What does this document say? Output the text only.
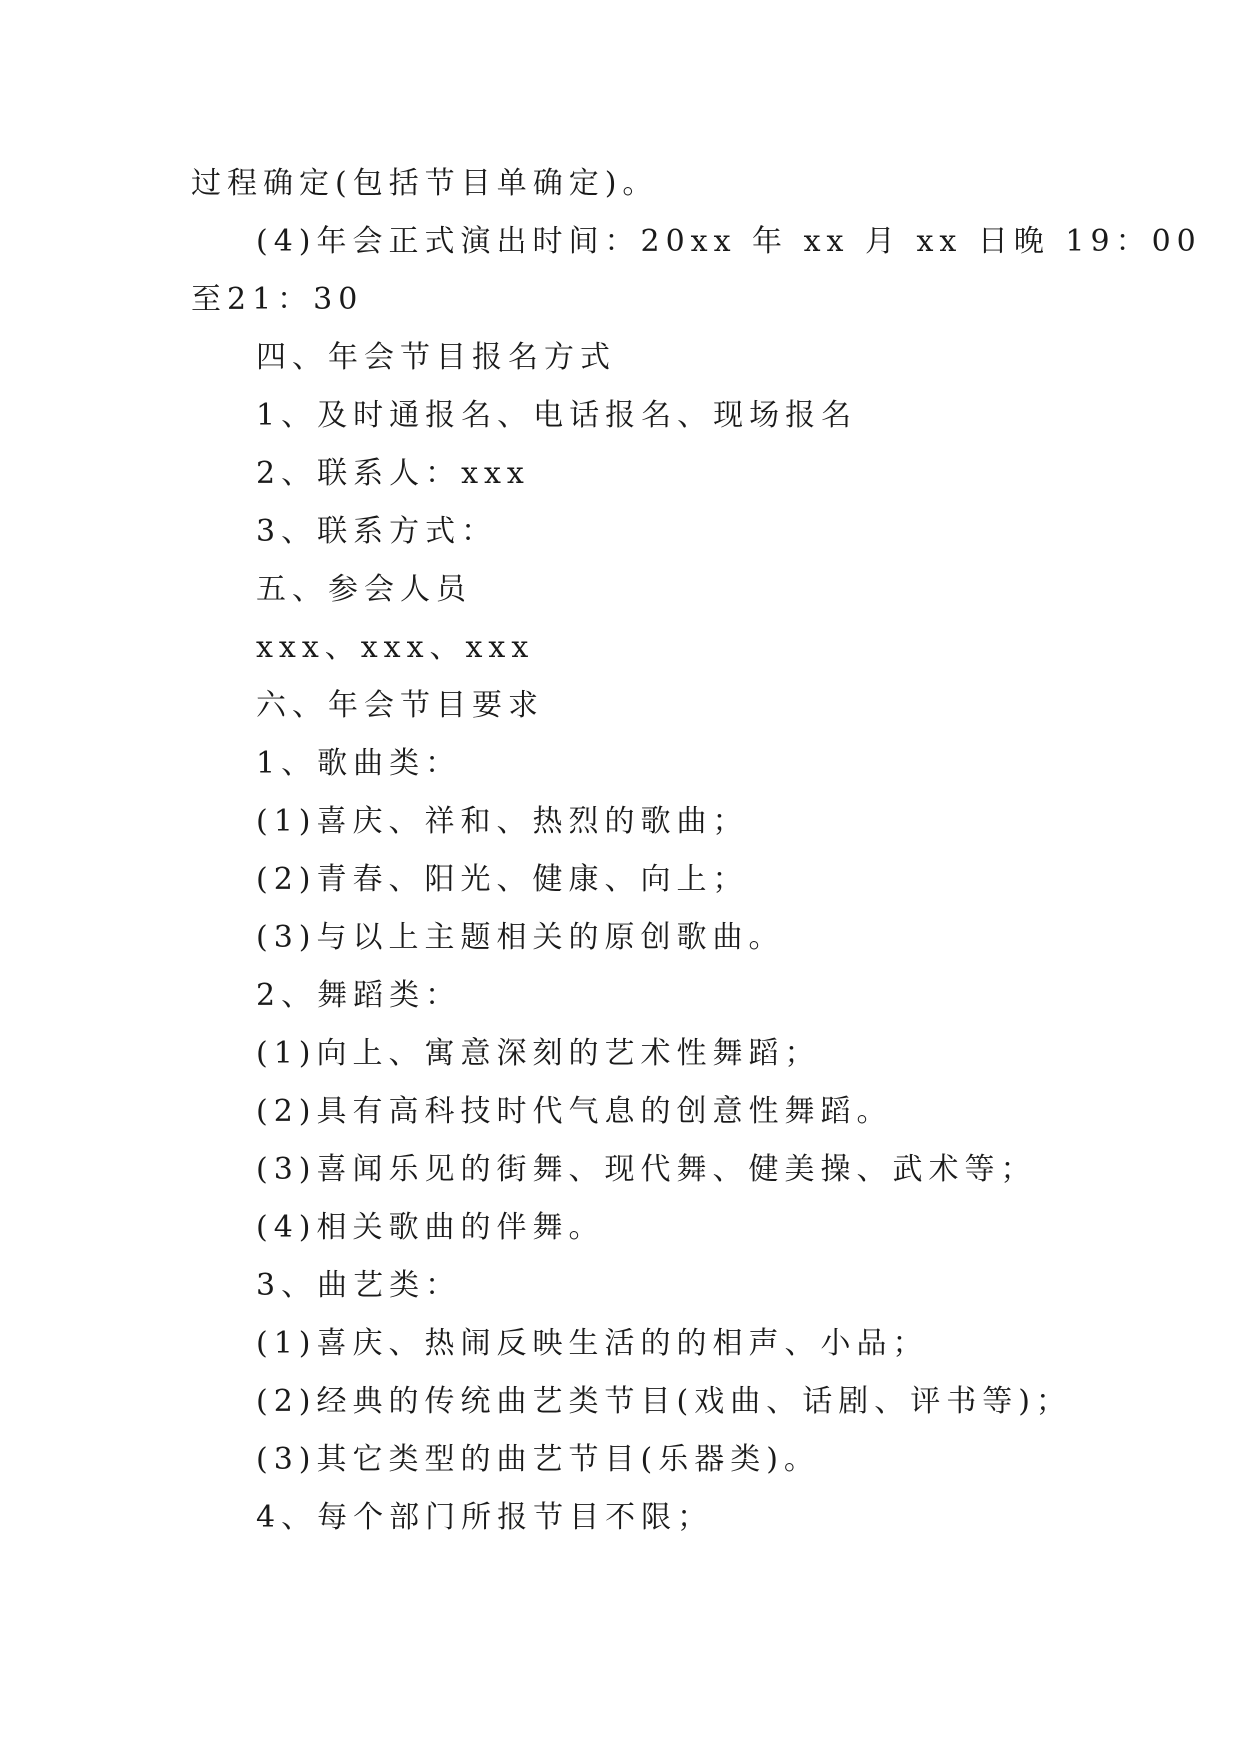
过程确定(包括节目单确定)。
(4)年会正式演出时间：20xx 年 xx 月 xx 日晚 19：00
至21：30
四、年会节目报名方式
1、及时通报名、电话报名、现场报名
2、联系人：xxx
3、联系方式：
五、参会人员
xxx、xxx、xxx
六、年会节目要求
1、歌曲类：
(1)喜庆、祥和、热烈的歌曲；
(2)青春、阳光、健康、向上；
(3)与以上主题相关的原创歌曲。
2、舞蹈类：
(1)向上、寓意深刻的艺术性舞蹈；
(2)具有高科技时代气息的创意性舞蹈。
(3)喜闻乐见的街舞、现代舞、健美操、武术等；
(4)相关歌曲的伴舞。
3、曲艺类：
(1)喜庆、热闹反映生活的的相声、小品；
(2)经典的传统曲艺类节目(戏曲、话剧、评书等)；
(3)其它类型的曲艺节目(乐器类)。
4、每个部门所报节目不限；
